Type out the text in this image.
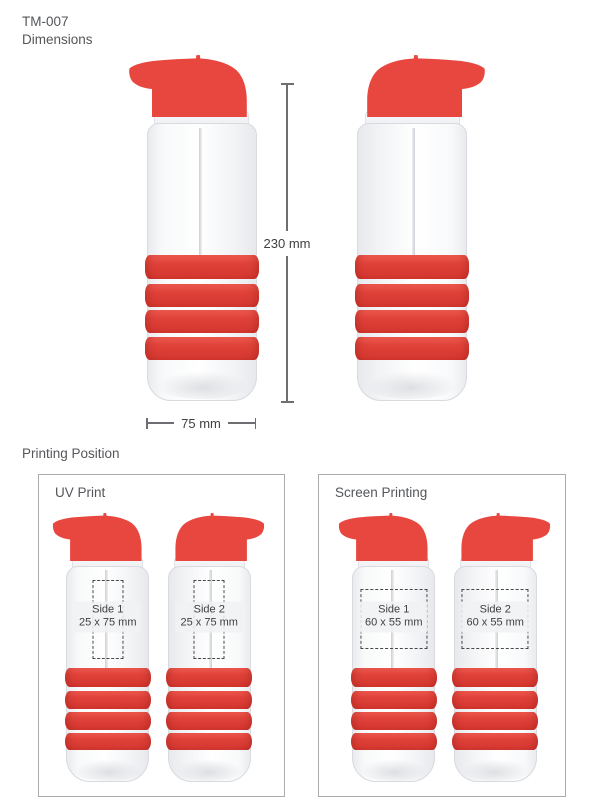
TM-007
Dimensions
230 mm
75 mm
Printing Position
UV Print
Side 1
25 x 75 mm
Side 2
25 x 75 mm
Screen Printing
Side 1
60 x 55 mm
Side 2
60 x 55 mm
